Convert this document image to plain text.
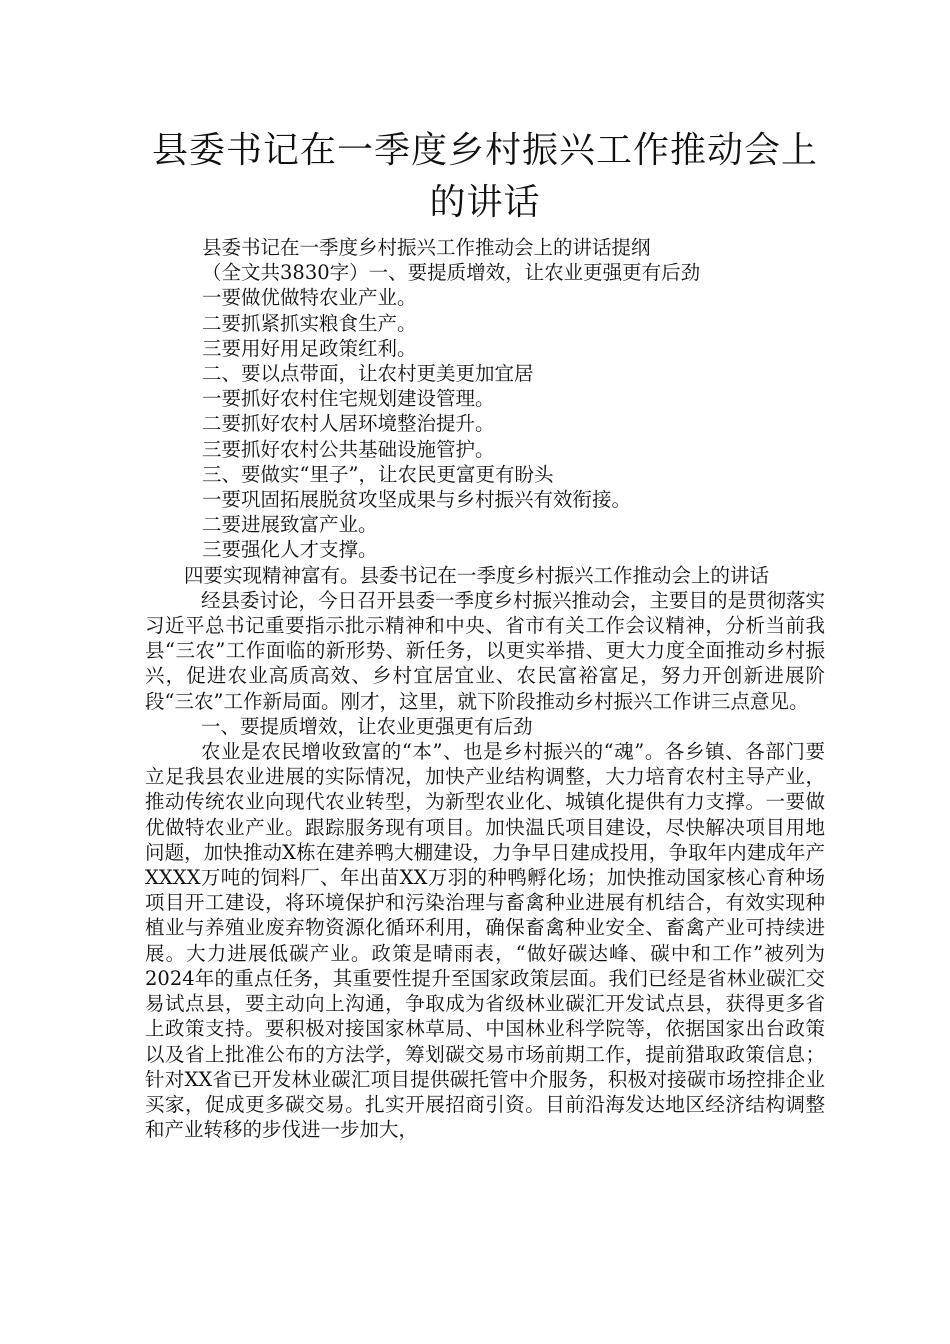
县委书记在一季度乡村振兴工作推动会上的讲话
县委书记在一季度乡村振兴工作推动会上的讲话提纲
（全文共3830字）一、要提质增效，让农业更强更有后劲
一要做优做特农业产业。
二要抓紧抓实粮食生产。
三要用好用足政策红利。
二、要以点带面，让农村更美更加宜居
一要抓好农村住宅规划建设管理。
二要抓好农村人居环境整治提升。
三要抓好农村公共基础设施管护。
三、要做实“里子”，让农民更富更有盼头
一要巩固拓展脱贫攻坚成果与乡村振兴有效衔接。
二要进展致富产业。
三要强化人才支撑。

四要实现精神富有。县委书记在一季度乡村振兴工作推动会上的讲话

经县委讨论，今日召开县委一季度乡村振兴推动会，主要目的是贯彻落实习近平总书记重要指示批示精神和中央、省市有关工作会议精神，分析当前我县“三农”工作面临的新形势、新任务，以更实举措、更大力度全面推动乡村振兴，促进农业高质高效、乡村宜居宜业、农民富裕富足，努力开创新进展阶段“三农”工作新局面。刚才，这里，就下阶段推动乡村振兴工作讲三点意见。

一、要提质增效，让农业更强更有后劲

农业是农民增收致富的“本”、也是乡村振兴的“魂”。各乡镇、各部门要立足我县农业进展的实际情况，加快产业结构调整，大力培育农村主导产业，推动传统农业向现代农业转型，为新型农业化、城镇化提供有力支撑。一要做优做特农业产业。跟踪服务现有项目。加快温氏项目建设，尽快解决项目用地问题，加快推动X栋在建养鸭大棚建设，力争早日建成投用，争取年内建成年产XXXX万吨的饲料厂、年出苗XX万羽的种鸭孵化场；加快推动国家核心育种场项目开工建设，将环境保护和污染治理与畜禽种业进展有机结合，有效实现种植业与养殖业废弃物资源化循环利用，确保畜禽种业安全、畜禽产业可持续进展。大力进展低碳产业。政策是晴雨表，“做好碳达峰、碳中和工作”被列为2024年的重点任务，其重要性提升至国家政策层面。我们已经是省林业碳汇交易试点县，要主动向上沟通，争取成为省级林业碳汇开发试点县，获得更多省上政策支持。要积极对接国家林草局、中国林业科学院等，依据国家出台政策以及省上批准公布的方法学，筹划碳交易市场前期工作，提前猎取政策信息；针对XX省已开发林业碳汇项目提供碳托管中介服务，积极对接碳市场控排企业买家，促成更多碳交易。扎实开展招商引资。目前沿海发达地区经济结构调整和产业转移的步伐进一步加大，
